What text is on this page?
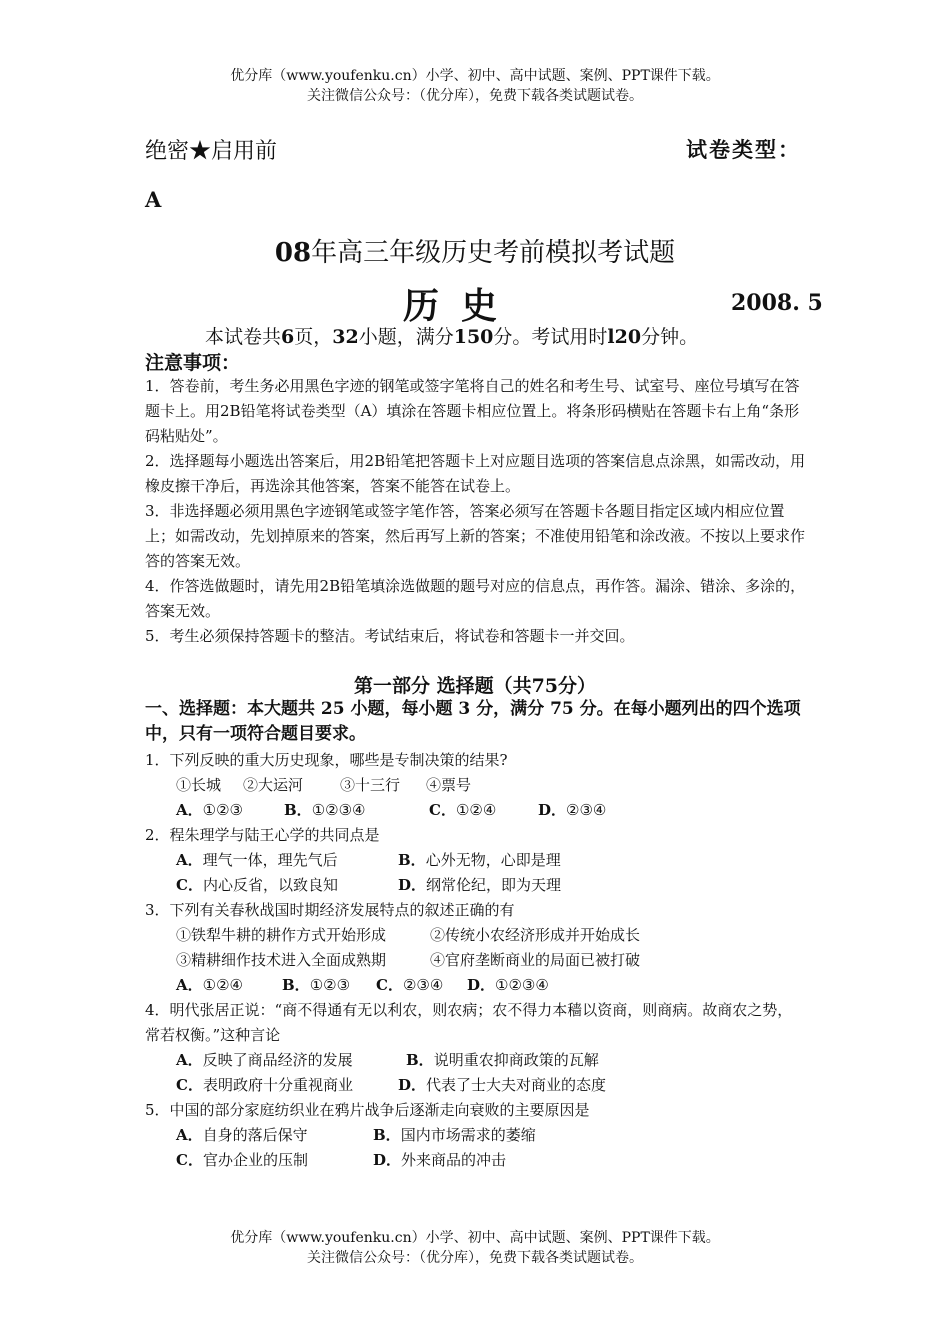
优分库（www.youfenku.cn）小学、初中、高中试题、案例、PPT课件下载。
关注微信公众号：（优分库），免费下载各类试题试卷。
绝密★启用前	试卷类型：
A
08年高三年级历史考前模拟考试题
历史	2008. 5
本试卷共6页，32小题，满分150分。考试用时l20分钟。
注意事项：
1．答卷前，考生务必用黑色字迹的钢笔或签字笔将自己的姓名和考生号、试室号、座位号填写在答题卡上。用2B铅笔将试卷类型（A）填涂在答题卡相应位置上。将条形码横贴在答题卡右上角“条形码粘贴处”。
2．选择题每小题选出答案后，用2B铅笔把答题卡上对应题目选项的答案信息点涂黑，如需改动，用橡皮擦干净后，再选涂其他答案，答案不能答在试卷上。
3．非选择题必须用黑色字迹钢笔或签字笔作答，答案必须写在答题卡各题目指定区域内相应位置上；如需改动，先划掉原来的答案，然后再写上新的答案；不准使用铅笔和涂改液。不按以上要求作答的答案无效。
4．作答选做题时，请先用2B铅笔填涂选做题的题号对应的信息点，再作答。漏涂、错涂、多涂的，答案无效。
5．考生必须保持答题卡的整洁。考试结束后，将试卷和答题卡一并交回。
第一部分 选择题（共75分）
一、选择题：本大题共 25 小题，每小题 3 分，满分 75 分。在每小题列出的四个选项中，只有一项符合题目要求。
1．下列反映的重大历史现象，哪些是专制决策的结果?
①长城 ②大运河 ③十三行 ④票号
A．①②③	B．①②③④	C．①②④	D．②③④
2．程朱理学与陆王心学的共同点是
A．理气一体，理先气后	B．心外无物，心即是理
C．内心反省，以致良知	D．纲常伦纪，即为天理
3．下列有关春秋战国时期经济发展特点的叙述正确的有
①铁犁牛耕的耕作方式开始形成	②传统小农经济形成并开始成长
③精耕细作技术进入全面成熟期	④官府垄断商业的局面已被打破
A．①②④	B．①②③ C．②③④ D．①②③④
4．明代张居正说：“商不得通有无以利农，则农病；农不得力本穑以资商，则商病。故商农之势，常若权衡。”这种言论
A．反映了商品经济的发展	B．说明重农抑商政策的瓦解
C．表明政府十分重视商业	D．代表了士大夫对商业的态度
5．中国的部分家庭纺织业在鸦片战争后逐渐走向衰败的主要原因是
A．自身的落后保守	B．国内市场需求的萎缩
C．官办企业的压制	D．外来商品的冲击
优分库（www.youfenku.cn）小学、初中、高中试题、案例、PPT课件下载。
关注微信公众号：（优分库），免费下载各类试题试卷。
